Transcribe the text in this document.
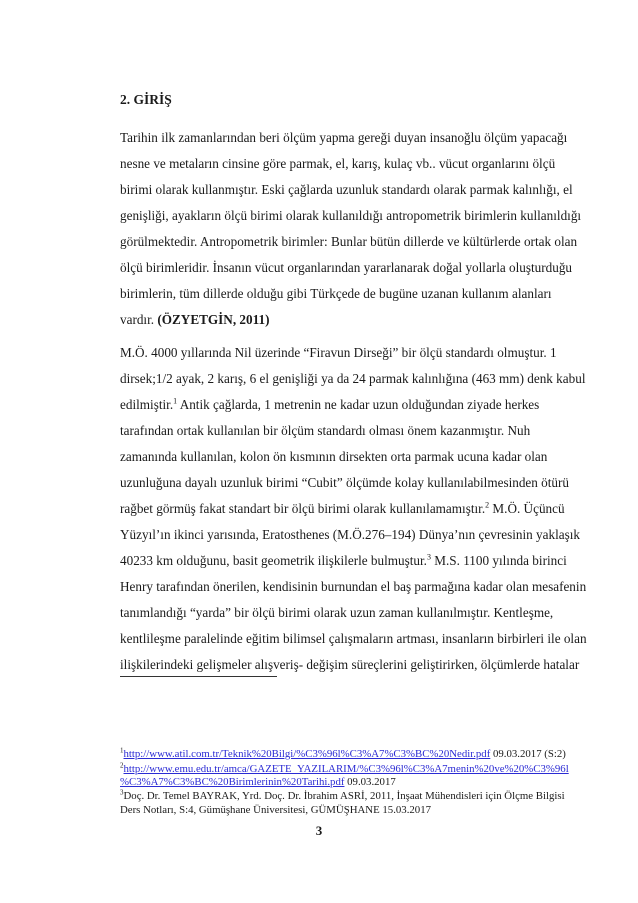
2. GİRİŞ
Tarihin ilk zamanlarından beri ölçüm yapma gereği duyan insanoğlu ölçüm yapacağı
nesne ve metaların cinsine göre parmak, el, karış, kulaç vb.. vücut organlarını ölçü
birimi olarak kullanmıştır. Eski çağlarda uzunluk standardı olarak parmak kalınlığı, el
genişliği, ayakların ölçü birimi olarak kullanıldığı antropometrik birimlerin kullanıldığı
görülmektedir. Antropometrik birimler: Bunlar bütün dillerde ve kültürlerde ortak olan
ölçü birimleridir. İnsanın vücut organlarından yararlanarak doğal yollarla oluşturduğu
birimlerin, tüm dillerde olduğu gibi Türkçede de bugüne uzanan kullanım alanları
vardır. (ÖZYETGİN, 2011)
M.Ö. 4000 yıllarında Nil üzerinde “Firavun Dirseği” bir ölçü standardı olmuştur. 1
dirsek;1/2 ayak, 2 karış, 6 el genişliği ya da 24 parmak kalınlığına (463 mm) denk kabul
edilmiştir.$^1$ Antik çağlarda, 1 metrenin ne kadar uzun olduğundan ziyade herkes
tarafından ortak kullanılan bir ölçüm standardı olması önem kazanmıştır. Nuh
zamanında kullanılan, kolon ön kısmının dirsekten orta parmak ucuna kadar olan
uzunluğuna dayalı uzunluk birimi “Cubit” ölçümde kolay kullanılabilmesinden ötürü
rağbet görmüş fakat standart bir ölçü birimi olarak kullanılamamıştır.$^2$ M.Ö. Üçüncü
Yüzyıl’ın ikinci yarısında, Eratosthenes (M.Ö.276–194) Dünya’nın çevresinin yaklaşık
40233 km olduğunu, basit geometrik ilişkilerle bulmuştur.$^3$ M.S. 1100 yılında birinci
Henry tarafından önerilen, kendisinin burnundan el baş parmağına kadar olan mesafenin
tanımlandığı “yarda” bir ölçü birimi olarak uzun zaman kullanılmıştır. Kentleşme,
kentlileşme paralelinde eğitim bilimsel çalışmaların artması, insanların birbirleri ile olan
ilişkilerindeki gelişmeler alışveriş- değişim süreçlerini geliştirirken, ölçümlerde hatalar
$^1$http://www.atil.com.tr/Teknik%20Bilgi/%C3%96l%C3%A7%C3%BC%20Nedir.pdf 09.03.2017 (S:2)
$^2$http://www.emu.edu.tr/amca/GAZETE_YAZILARIM/%C3%96l%C3%A7menin%20ve%20%C3%96l
%C3%A7%C3%BC%20Birimlerinin%20Tarihi.pdf 09.03.2017
$^3$Doç. Dr. Temel BAYRAK, Yrd. Doç. Dr. İbrahim ASRİ, 2011, İnşaat Mühendisleri için Ölçme Bilgisi
Ders Notları, S:4, Gümüşhane Üniversitesi, GÜMÜŞHANE 15.03.2017
3
